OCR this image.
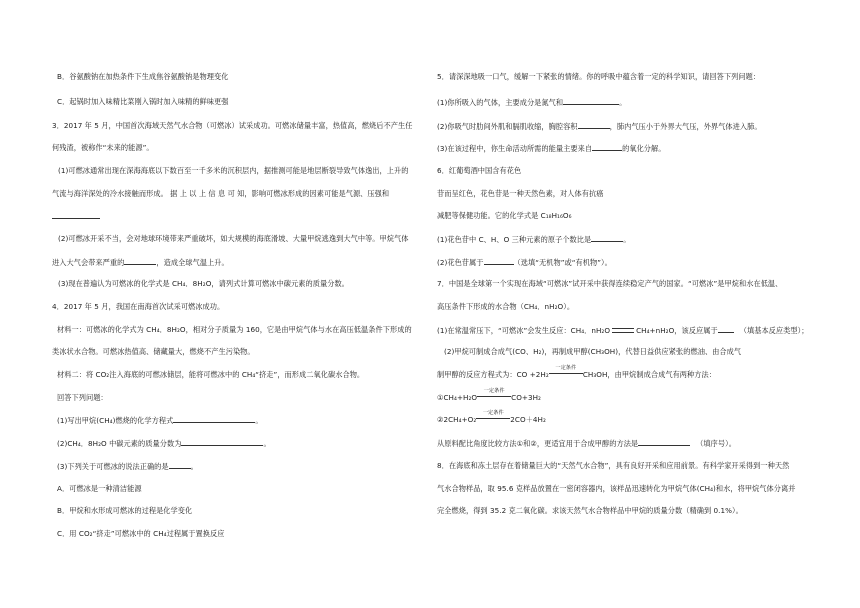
B．谷氨酸钠在加热条件下生成焦谷氨酸钠是物理变化
C．起锅时加入味精比菜刚入锅时加入味精的鲜味更强
3．2017 年 5 月，中国首次海域天然气水合物（可燃冰）试采成功。可燃冰储量丰富，热值高，燃烧后不产生任
何残渣，被称作“未来的能源”。
(1)可燃冰通常出现在深海海底以下数百至一千多米的沉积层内，据推测可能是地层断裂导致气体逸出，上升的
气流与海洋深处的冷水接触而形成。 据 上 以 上 信 息 可 知，影响可燃冰形成的因素可能是气源、压强和
(2)可燃冰开采不当，会对地球环境带来严重破坏，如大规模的海底滑坡、大量甲烷逃逸到大气中等。甲烷气体
进入大气会带来严重的	，造成全球气温上升。
(3)现在普遍认为可燃冰的化学式是 CH₄．8H₂O，请列式计算可燃冰中碳元素的质量分数。
4．2017 年 5 月，我国在南海首次试采可燃冰成功。
材料一：可燃冰的化学式为 CH₄．8H₂O，相对分子质量为 160，它是由甲烷气体与水在高压低温条件下形成的
类冰状水合物。可燃冰热值高、储藏量大，燃烧不产生污染物。
材料二：将 CO₂注入海底的可燃冰储层，能将可燃冰中的 CH₄“挤走”，而形成二氧化碳水合物。
回答下列问题：
(1)写出甲烷(CH₄)燃烧的化学方程式	。
(2)CH₄．8H₂O 中碳元素的质量分数为	。
(3)下列关于可燃冰的说法正确的是	。
A．可燃冰是一种清洁能源
B．甲烷和水形成可燃冰的过程是化学变化
C．用 CO₂“挤走”可燃冰中的 CH₄过程属于置换反应
5．请深深地吸一口气，缓解一下紧张的情绪。你的呼吸中蕴含着一定的科学知识，请回答下列问题：
(1)你所吸入的气体，主要成分是氮气和	。
(2)你吸气时肋间外肌和膈肌收缩，胸腔容积	，肺内气压小于外界大气压，外界气体进入肺。
(3)在该过程中，你生命活动所需的能量主要来自	的氧化分解。
6．红葡萄酒中国含有花色
苷而呈红色，花色苷是一种天然色素，对人体有抗癌
减肥等保健功能。它的化学式是 C₁₈H₁₆O₆
(1)花色苷中 C、H、O 三种元素的原子个数比是	。
(2)花色苷属于	（选填“无机物”或“有机物”）。
7．中国是全球第一个实现在海域“可燃冰”试开采中获得连续稳定产气的国家。“可燃冰”是甲烷和水在低温、
高压条件下形成的水合物（CH₄．nH₂O）。
(1)在常温常压下，“可燃冰”会发生反应：CH₄．nH₂O	CH₄+nH₂O，该反应属于	（填基本反应类型）；
(2)甲烷可制成合成气(CO、H₂)，再制成甲醇(CH₃OH)，代替日益供应紧张的燃油、由合成气
制甲醇的反应方程式为：CO +2H₂
一定条件
CH₃OH，由甲烷制成合成气有两种方法：
①CH₄+H₂O
一定条件
CO+3H₂
②2CH₄+O₂
一定条件
2CO＋4H₂
从原料配比角度比较方法①和②，更适宜用于合成甲醇的方法是	（填序号）。
8．在海底和冻土层存在着储量巨大的“天然气水合物”，具有良好开采和应用前景。有科学家开采得到一种天然
气水合物样品，取 95.6 克样品放置在一密闭容器内，该样品迅速转化为甲烷气体(CH₄)和水，将甲烷气体分离并
完全燃烧，得到 35.2 克二氧化碳。求该天然气水合物样品中甲烷的质量分数（精确到 0.1%）。
